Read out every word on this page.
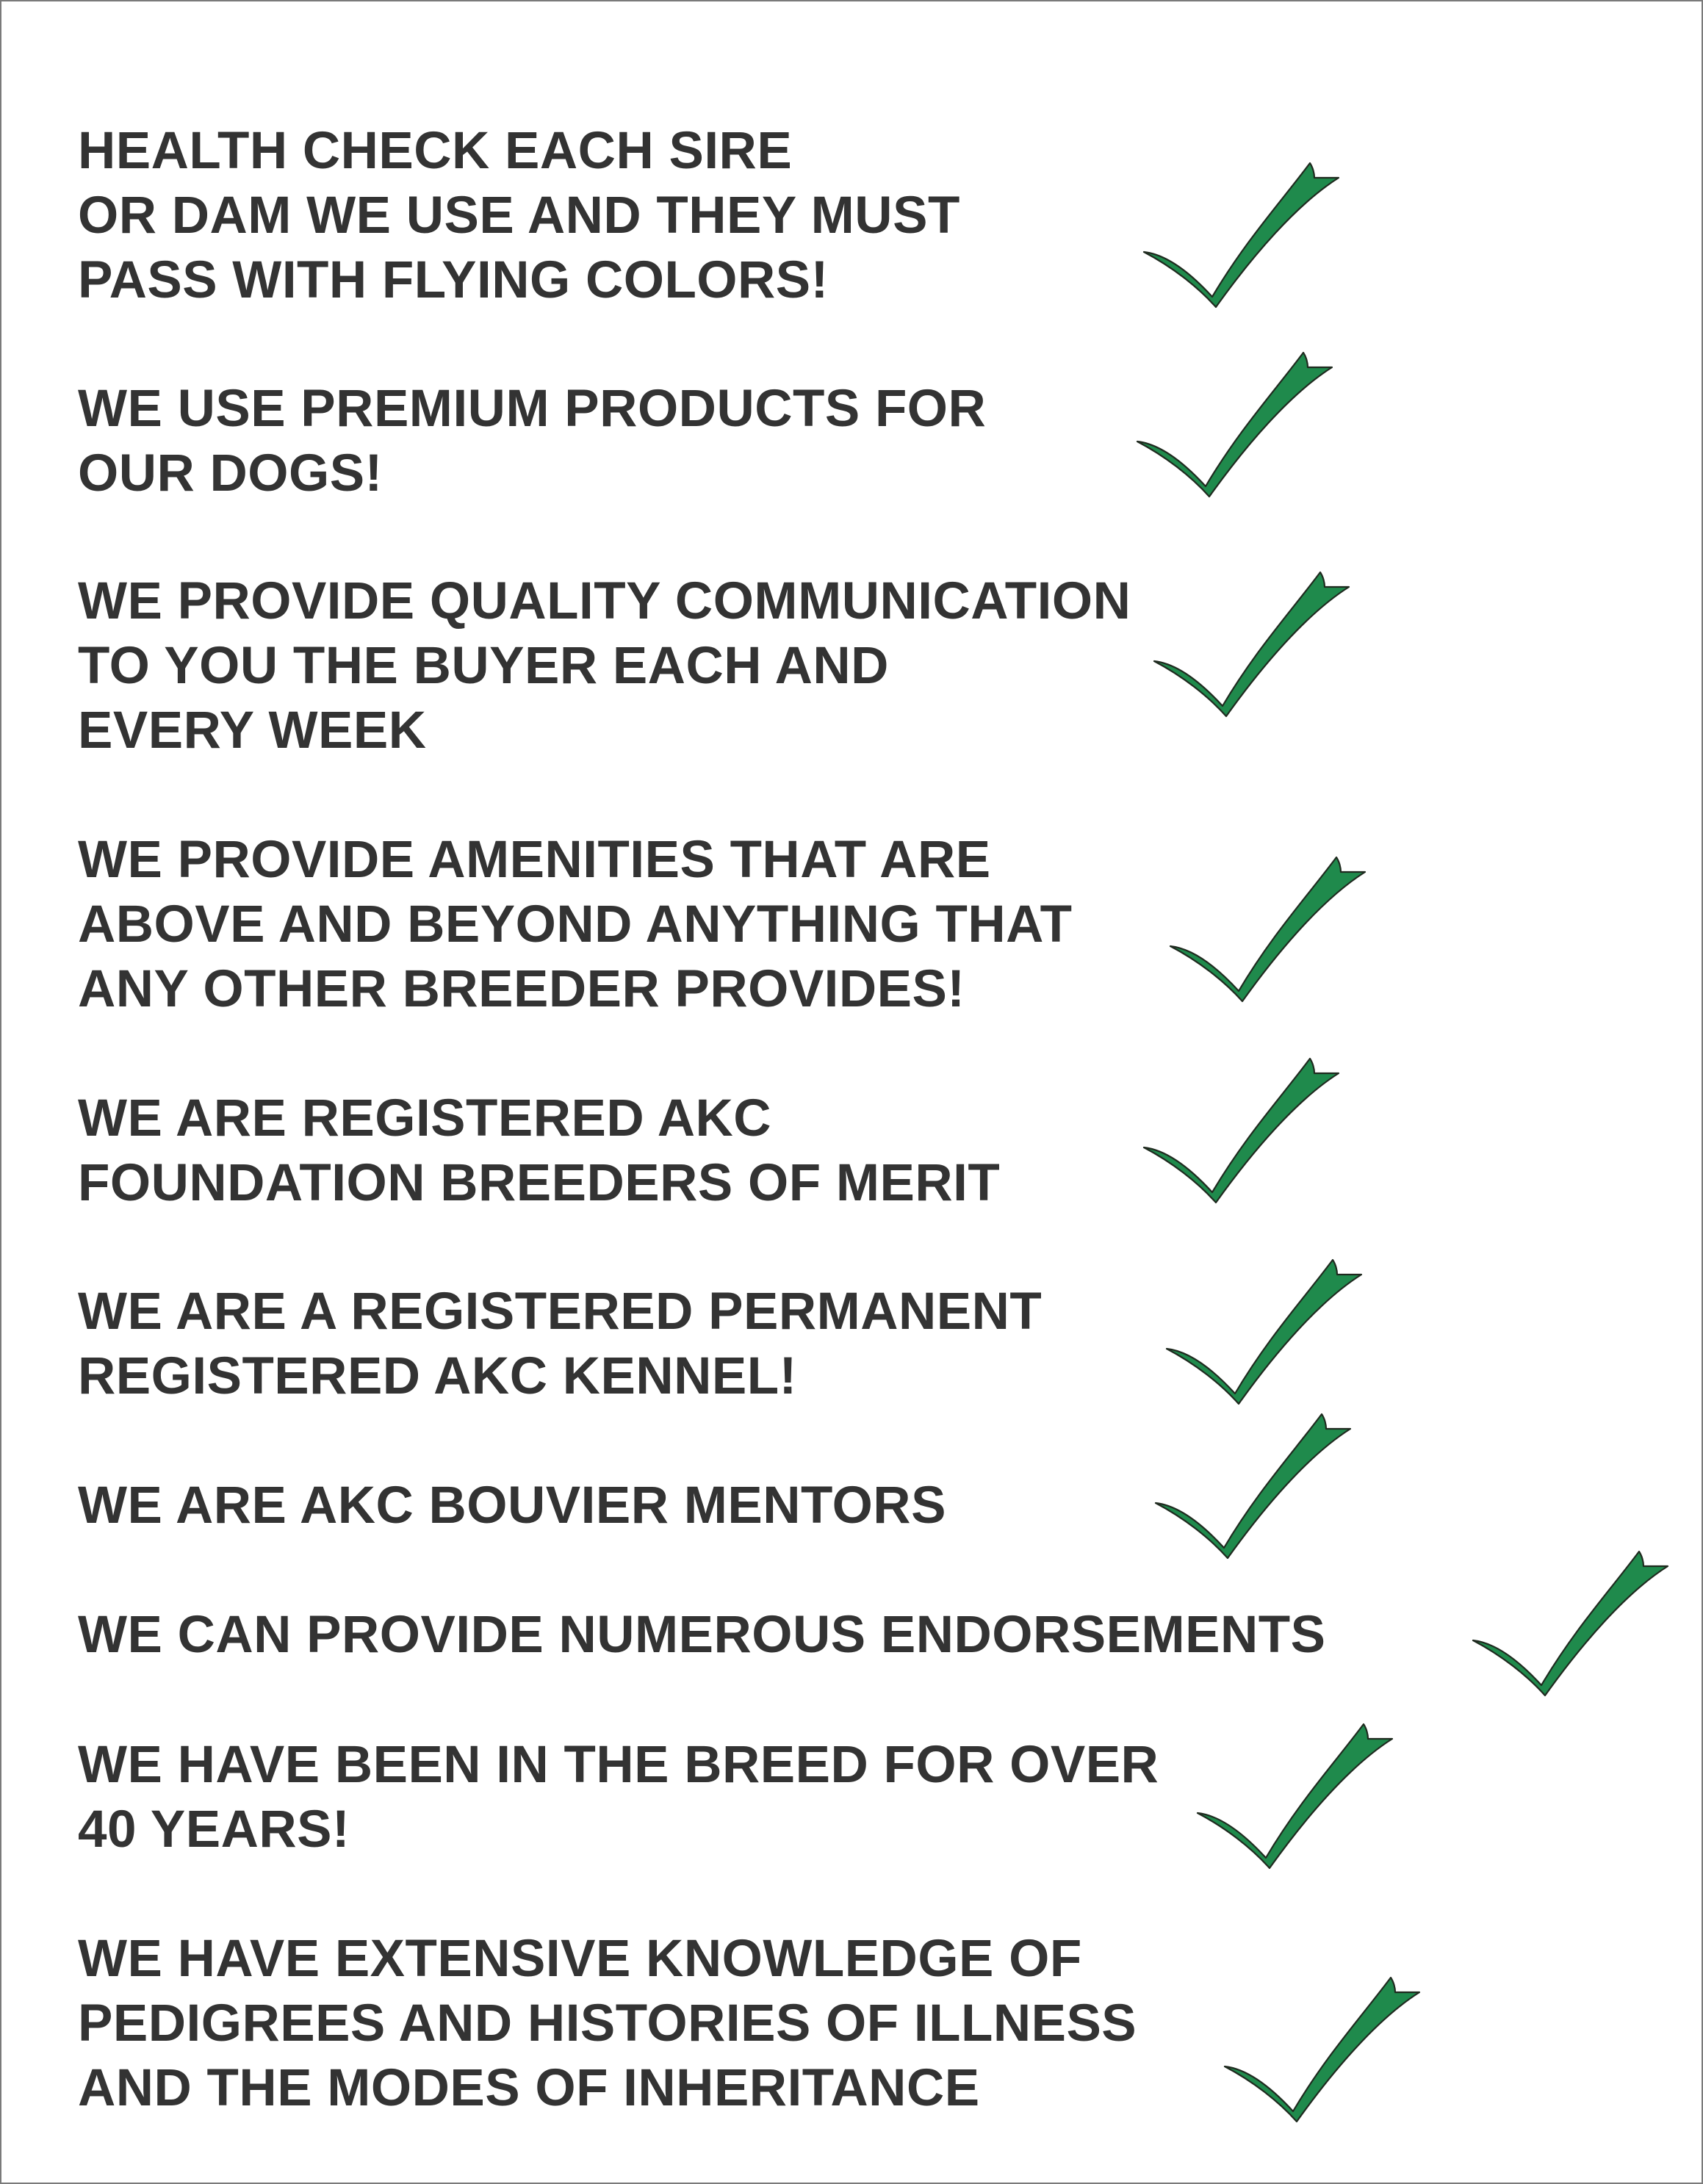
HEALTH CHECK EACH SIRE
OR DAM WE USE AND THEY MUST
PASS WITH FLYING COLORS!
WE USE PREMIUM PRODUCTS FOR
OUR DOGS!
WE PROVIDE QUALITY COMMUNICATION
TO YOU THE BUYER EACH AND
EVERY WEEK
WE PROVIDE AMENITIES THAT ARE
ABOVE AND BEYOND ANYTHING THAT
ANY OTHER BREEDER PROVIDES!
WE ARE REGISTERED AKC
FOUNDATION BREEDERS OF MERIT
WE ARE A REGISTERED PERMANENT
REGISTERED AKC KENNEL!
WE ARE AKC BOUVIER MENTORS
WE CAN PROVIDE NUMEROUS ENDORSEMENTS
WE HAVE BEEN IN THE BREED FOR OVER
40 YEARS!
WE HAVE EXTENSIVE KNOWLEDGE OF
PEDIGREES AND HISTORIES OF ILLNESS
AND THE MODES OF INHERITANCE
